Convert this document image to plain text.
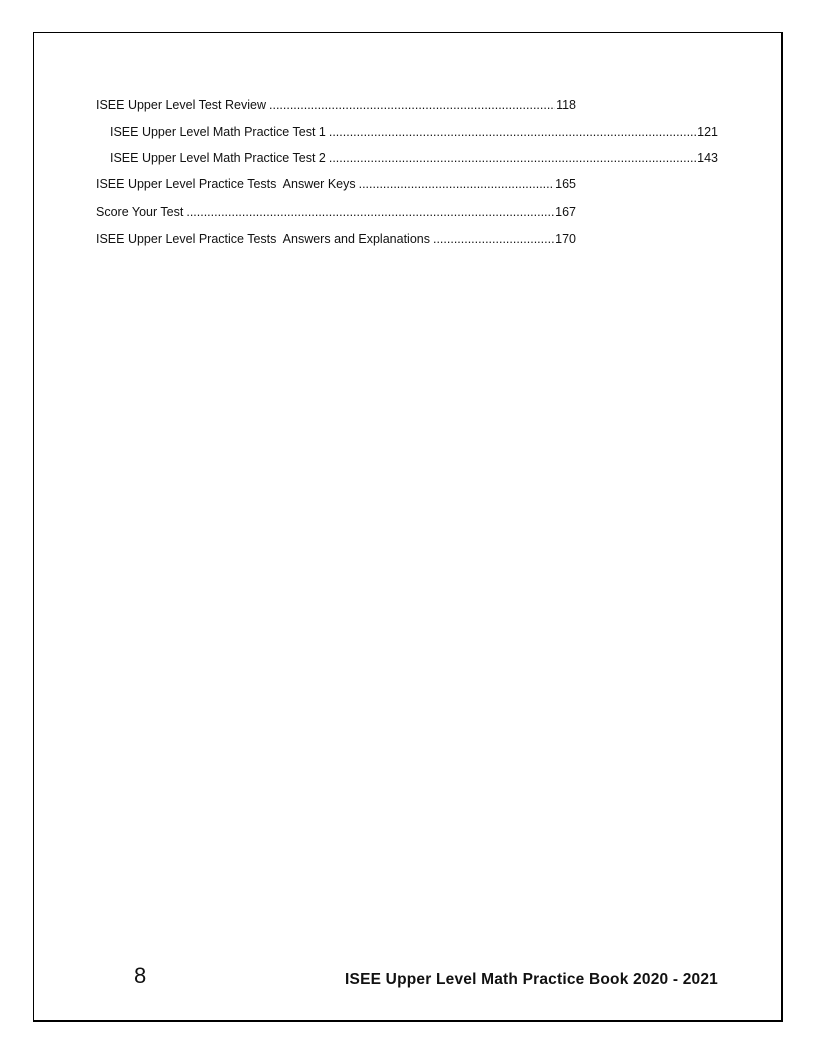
ISEE Upper Level Test Review .....	118
ISEE Upper Level Math Practice Test 1 .....	121
ISEE Upper Level Math Practice Test 2 .....	143
ISEE Upper Level Practice Tests  Answer Keys .....	165
Score Your Test .....	167
ISEE Upper Level Practice Tests  Answers and Explanations .....	170
8	ISEE Upper Level Math Practice Book 2020 - 2021
